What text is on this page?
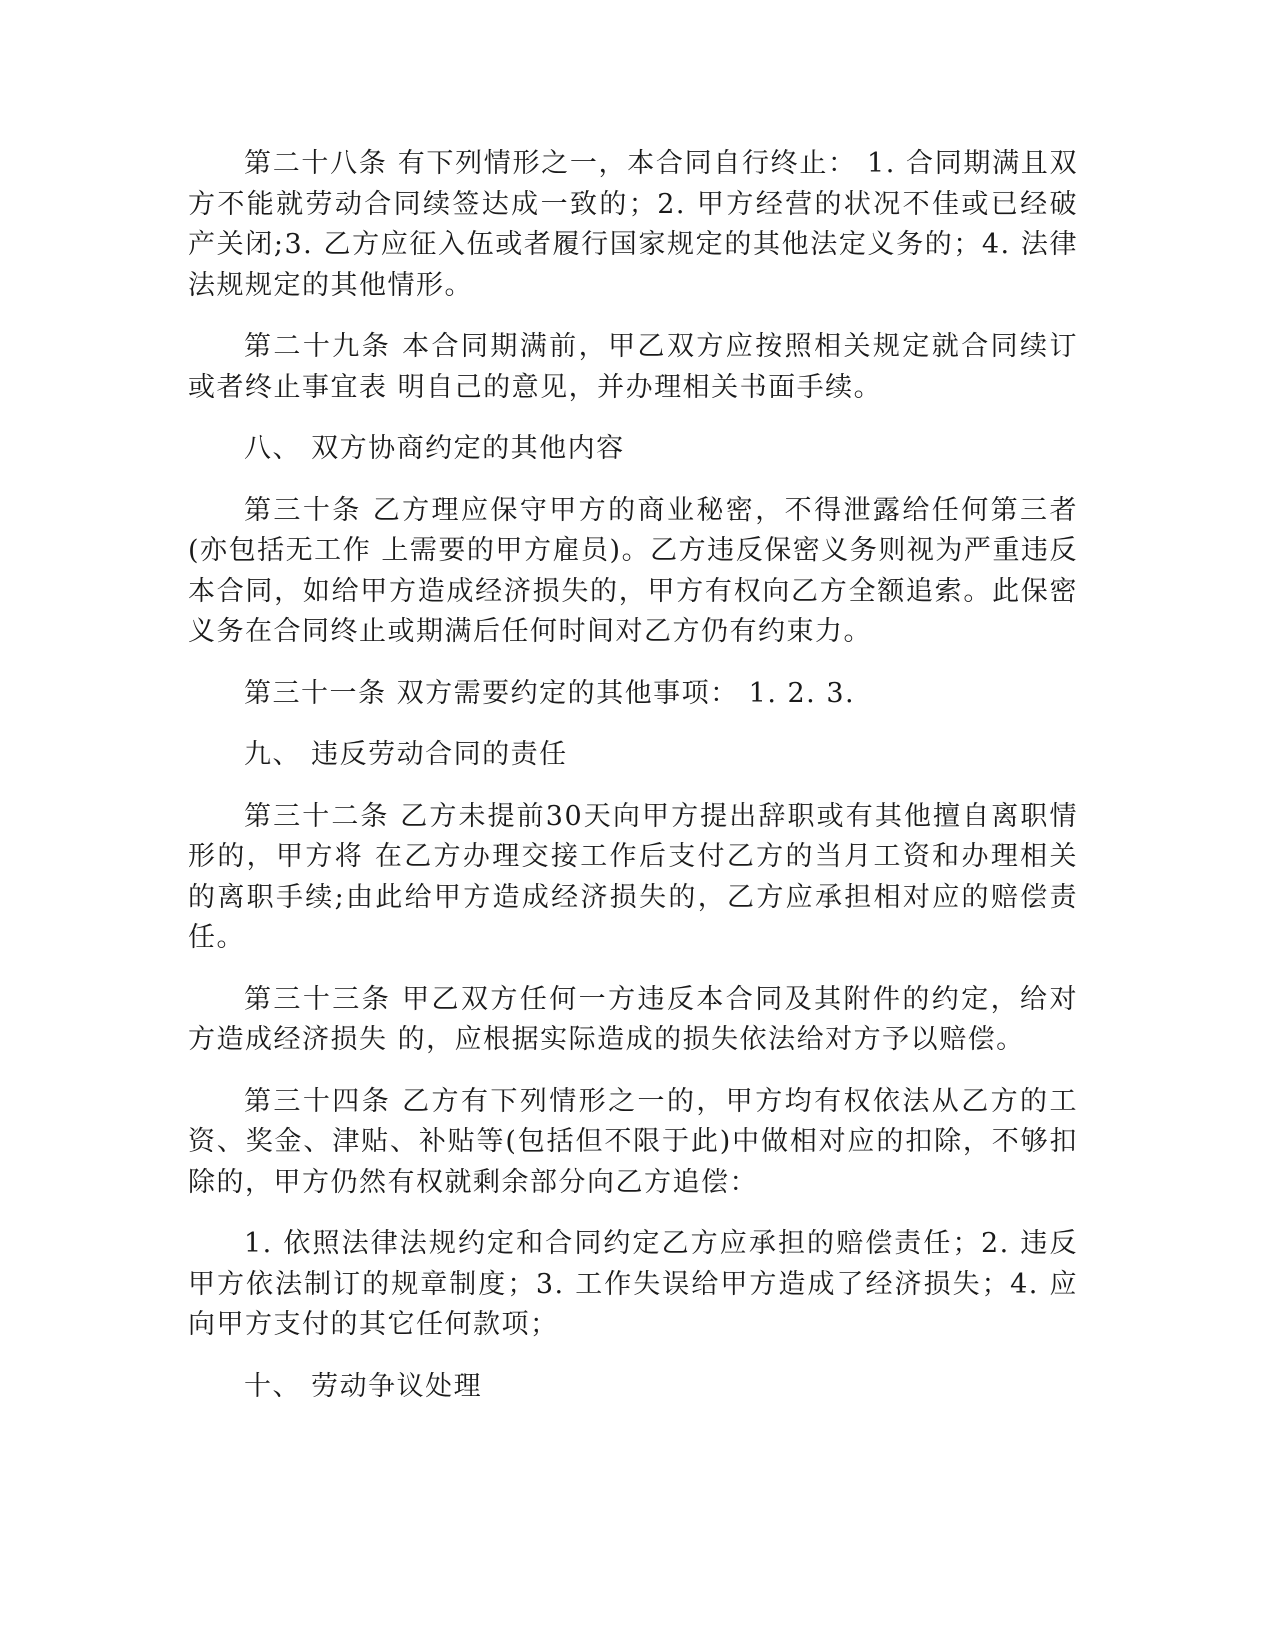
第二十八条 有下列情形之一，本合同自行终止： 1. 合同期满且双方不能就劳动合同续签达成一致的；2. 甲方经营的状况不佳或已经破产关闭;3. 乙方应征入伍或者履行国家规定的其他法定义务的；4. 法律法规规定的其他情形。

第二十九条 本合同期满前，甲乙双方应按照相关规定就合同续订或者终止事宜表 明自己的意见，并办理相关书面手续。

八、 双方协商约定的其他内容

第三十条 乙方理应保守甲方的商业秘密，不得泄露给任何第三者(亦包括无工作 上需要的甲方雇员)。乙方违反保密义务则视为严重违反本合同，如给甲方造成经济损失的，甲方有权向乙方全额追索。此保密义务在合同终止或期满后任何时间对乙方仍有约束力。

第三十一条 双方需要约定的其他事项： 1. 2. 3.

九、 违反劳动合同的责任

第三十二条 乙方未提前30天向甲方提出辞职或有其他擅自离职情形的，甲方将 在乙方办理交接工作后支付乙方的当月工资和办理相关的离职手续;由此给甲方造成经济损失的，乙方应承担相对应的赔偿责任。

第三十三条 甲乙双方任何一方违反本合同及其附件的约定，给对方造成经济损失 的，应根据实际造成的损失依法给对方予以赔偿。

第三十四条 乙方有下列情形之一的，甲方均有权依法从乙方的工资、奖金、津贴、补贴等(包括但不限于此)中做相对应的扣除，不够扣除的，甲方仍然有权就剩余部分向乙方追偿：

1. 依照法律法规约定和合同约定乙方应承担的赔偿责任；2. 违反甲方依法制订的规章制度；3. 工作失误给甲方造成了经济损失；4. 应向甲方支付的其它任何款项；

十、 劳动争议处理
